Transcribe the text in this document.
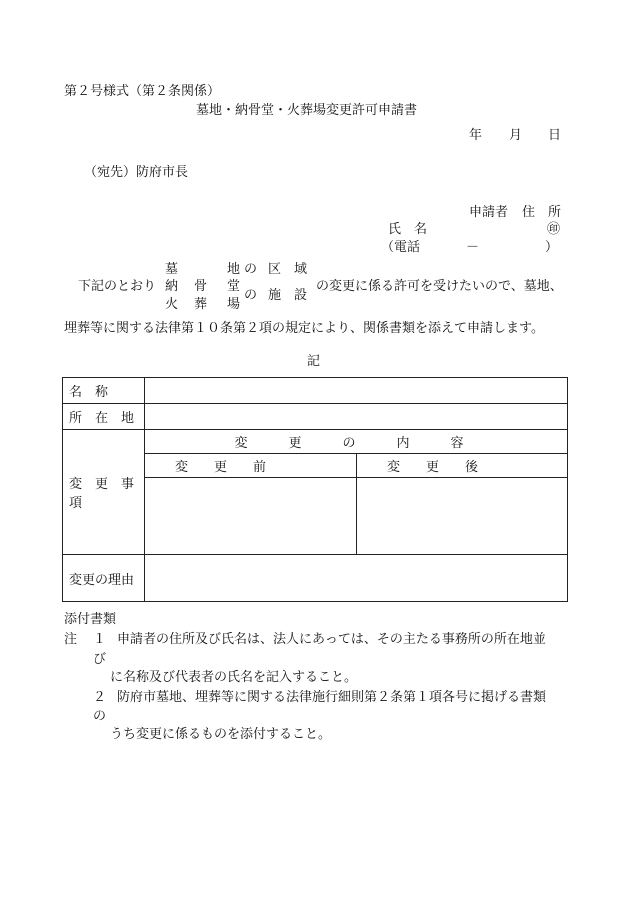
第２号様式（第２条関係）
墓地・納骨堂・火葬場変更許可申請書
年 月 日
（宛先）防府市長
申請者 住　所
氏　名	㊞
（電話	－	）
下記のとおり
墓
納
火
骨
葬
地
堂
場
の
の
区　域
施　設
の変更に係る許可を受けたいので、墓地、
埋葬等に関する法律第１０条第２項の規定により、関係書類を添えて申請します。
記
名　称		

所　在　地		

変　更　事　項	変　更　の　内　容	

	変　　更　　前	変　　更　　後

変更の理由		

添付書類
注 １ 申請者の住所及び氏名は、法人にあっては、その主たる事務所の所在地並
び
に名称及び代表者の氏名を記入すること。
２ 防府市墓地、埋葬等に関する法律施行細則第２条第１項各号に掲げる書類
の
うち変更に係るものを添付すること。
